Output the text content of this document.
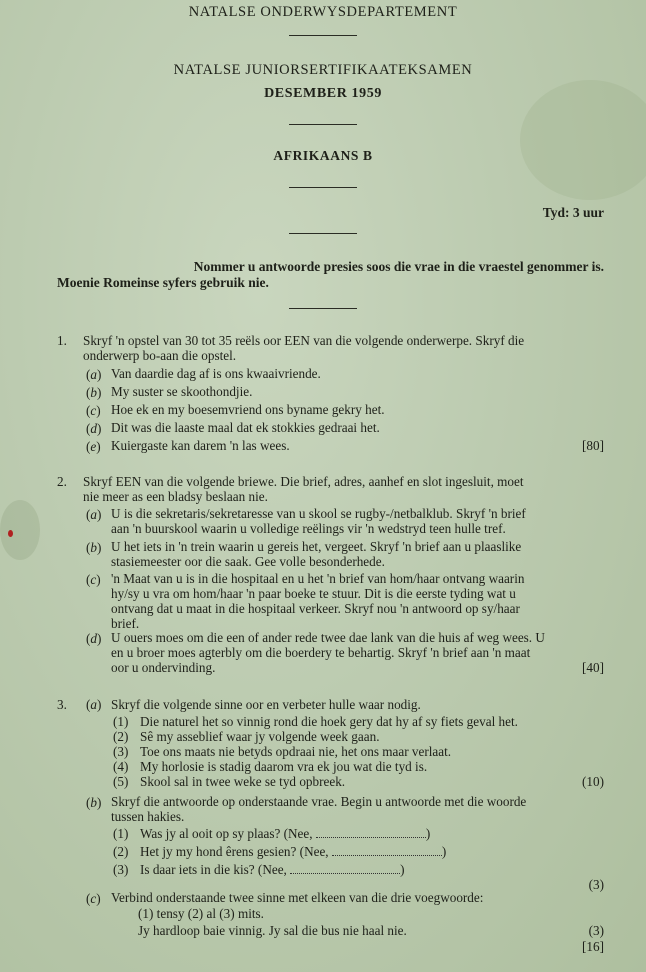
NATALSE ONDERWYSDEPARTEMENT
NATALSE JUNIORSERTIFIKAATEKSAMEN
DESEMBER 1959
AFRIKAANS B
Tyd: 3 uur
Nommer u antwoorde presies soos die vrae in die vraestel genommer is.
Moenie Romeinse syfers gebruik nie.
1. Skryf 'n opstel van 30 tot 35 reëls oor EEN van die volgende onderwerpe. Skryf die
onderwerp bo-aan die opstel.
(a) Van daardie dag af is ons kwaaivriende.
(b) My suster se skoothondjie.
(c) Hoe ek en my boesemvriend ons byname gekry het.
(d) Dit was die laaste maal dat ek stokkies gedraai het.
(e) Kuiergaste kan darem 'n las wees.	[80]
2. Skryf EEN van die volgende briewe. Die brief, adres, aanhef en slot ingesluit, moet
nie meer as een bladsy beslaan nie.
(a) U is die sekretaris/sekretaresse van u skool se rugby-/netbalklub. Skryf 'n brief
aan 'n buurskool waarin u volledige reëlings vir 'n wedstryd teen hulle tref.
(b) U het iets in 'n trein waarin u gereis het, vergeet. Skryf 'n brief aan u plaaslike
stasiemeester oor die saak. Gee volle besonderhede.
(c) 'n Maat van u is in die hospitaal en u het 'n brief van hom/haar ontvang waarin
hy/sy u vra om hom/haar 'n paar boeke te stuur. Dit is die eerste tyding wat u
ontvang dat u maat in die hospitaal verkeer. Skryf nou 'n antwoord op sy/haar
brief.
(d) U ouers moes om die een of ander rede twee dae lank van die huis af weg wees. U
en u broer moes agterbly om die boerdery te behartig. Skryf 'n brief aan 'n maat
oor u ondervinding.	[40]
3. (a) Skryf die volgende sinne oor en verbeter hulle waar nodig.
(1) Die naturel het so vinnig rond die hoek gery dat hy af sy fiets geval het.
(2) Sê my asseblief waar jy volgende week gaan.
(3) Toe ons maats nie betyds opdraai nie, het ons maar verlaat.
(4) My horlosie is stadig daarom vra ek jou wat die tyd is.
(5) Skool sal in twee weke se tyd opbreek.	(10)
(b) Skryf die antwoorde op onderstaande vrae. Begin u antwoorde met die woorde
tussen hakies.
(1) Was jy al ooit op sy plaas? (Nee,	)
(2) Het jy my hond êrens gesien? (Nee,	)
(3) Is daar iets in die kis? (Nee,	)
(3)
(c) Verbind onderstaande twee sinne met elkeen van die drie voegwoorde:
(1) tensy (2) al (3) mits.
Jy hardloop baie vinnig. Jy sal die bus nie haal nie.	(3)
[16]
